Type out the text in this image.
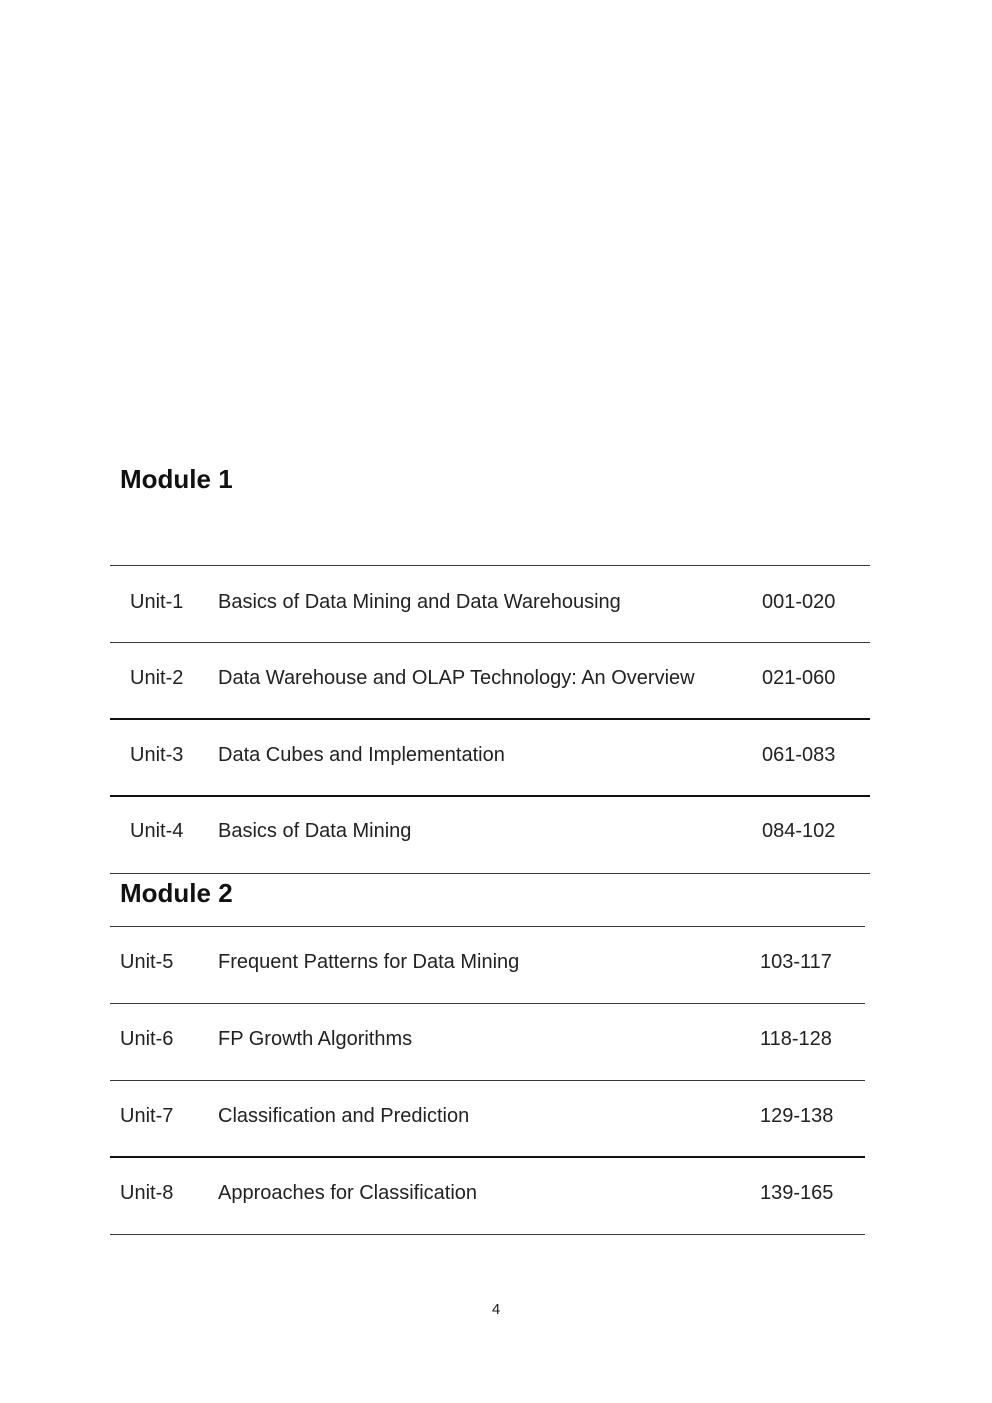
Module 1
Unit-1 Basics of Data Mining and Data Warehousing	001-020
Unit-2 Data Warehouse and OLAP Technology: An Overview	021-060
Unit-3 Data Cubes and Implementation	061-083
Unit-4 Basics of Data Mining	084-102
Module 2
Unit-5 Frequent Patterns for Data Mining	103-117
Unit-6 FP Growth Algorithms	118-128
Unit-7 Classification and Prediction	129-138
Unit-8 Approaches for Classification	139-165
4
